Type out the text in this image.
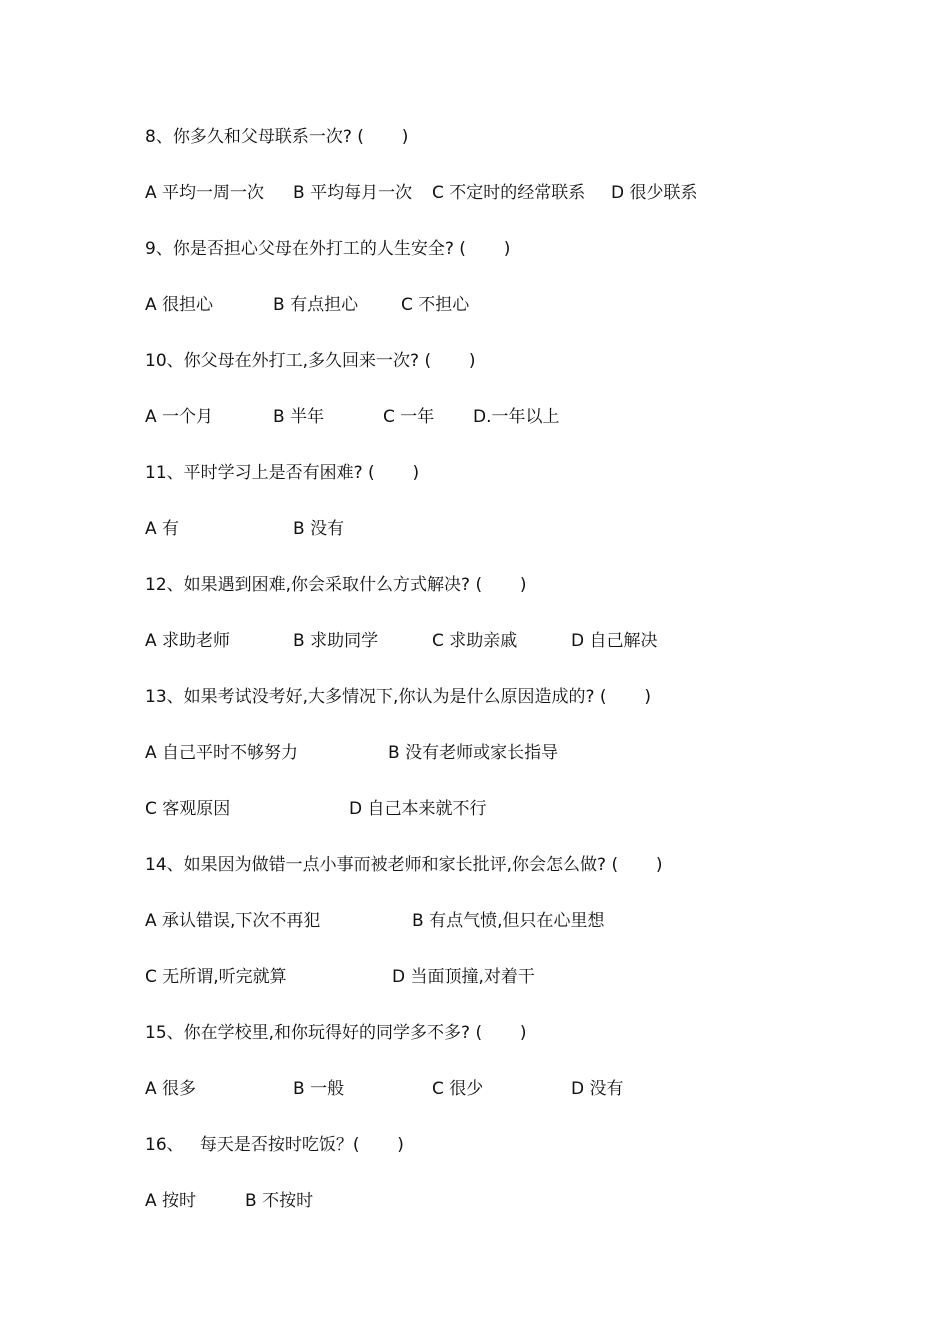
8、你多久和父母联系一次? (       )

A 平均一周一次

B 平均每月一次

C 不定时的经常联系

D 很少联系

9、你是否担心父母在外打工的人生安全? (       )

A 很担心

	B 有点担心

	C 不担心

10、你父母在外打工,多久回来一次? (       )

A 一个月

	B 半年

	C 一年

D.一年以上

11、平时学习上是否有困难? (       )

A 有

	B 没有

12、如果遇到困难,你会采取什么方式解决? (       )

A 求助老师

	B 求助同学

	C 求助亲戚

	D 自己解决

13、如果考试没考好,大多情况下,你认为是什么原因造成的? (       )

A 自己平时不够努力

	B 没有老师或家长指导

C 客观原因

	D 自己本来就不行

14、如果因为做错一点小事而被老师和家长批评,你会怎么做? (       )

A 承认错误,下次不再犯

	B 有点气愤,但只在心里想

C 无所谓,听完就算

	D 当面顶撞,对着干

15、你在学校里,和你玩得好的同学多不多? (       )

A 很多

	B 一般

	C 很少

	D 没有

16、   每天是否按时吃饭？(       )

A 按时

	B 不按时
